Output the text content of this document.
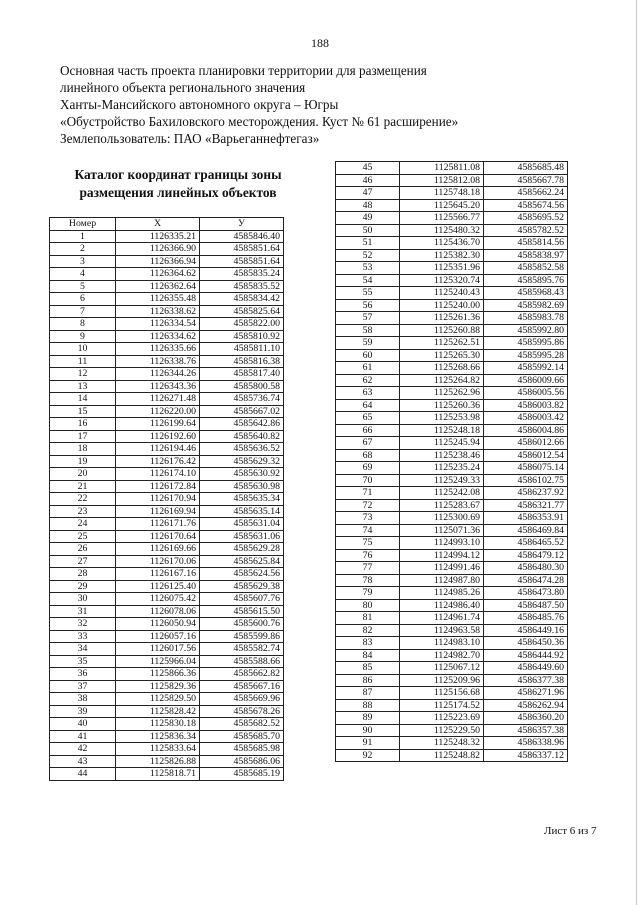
188
Основная часть проекта планировки территории для размещения
линейного объекта регионального значения
Ханты-Мансийского автономного округа – Югры
«Обустройство Бахиловского месторождения. Куст № 61 расширение»
Землепользователь: ПАО «Варьеганнефтегаз»
Каталог координат границы зоны
размещения линейных объектов
Номер	X	У
1	1126335.21	4585846.40
2	1126366.90	4585851.64
3	1126366.94	4585851.64
4	1126364.62	4585835.24
5	1126362.64	4585835.52
6	1126355.48	4585834.42
7	1126338.62	4585825.64
8	1126334.54	4585822.00
9	1126334.62	4585810.92
10	1126335.66	4585811.10
11	1126338.76	4585816.38
12	1126344.26	4585817.40
13	1126343.36	4585800.58
14	1126271.48	4585736.74
15	1126220.00	4585667.02
16	1126199.64	4585642.86
17	1126192.60	4585640.82
18	1126194.46	4585636.52
19	1126176.42	4585629.32
20	1126174.10	4585630.92
21	1126172.84	4585630.98
22	1126170.94	4585635.34
23	1126169.94	4585635.14
24	1126171.76	4585631.04
25	1126170.64	4585631.06
26	1126169.66	4585629.28
27	1126170.06	4585625.84
28	1126167.16	4585624.56
29	1126125.40	4585629.38
30	1126075.42	4585607.76
31	1126078.06	4585615.50
32	1126050.94	4585600.76
33	1126057.16	4585599.86
34	1126017.56	4585582.74
35	1125966.04	4585588.66
36	1125866.36	4585662.82
37	1125829.36	4585667.16
38	1125829.50	4585669.96
39	1125828.42	4585678.26
40	1125830.18	4585682.52
41	1125836.34	4585685.70
42	1125833.64	4585685.98
43	1125826.88	4585686.06
44	1125818.71	4585685.19
45	1125811.08	4585685.48
46	1125812.08	4585667.78
47	1125748.18	4585662.24
48	1125645.20	4585674.56
49	1125566.77	4585695.52
50	1125480.32	4585782.52
51	1125436.70	4585814.56
52	1125382.30	4585838.97
53	1125351.96	4585852.58
54	1125320.74	4585895.76
55	1125240.43	4585968.43
56	1125240.00	4585982.69
57	1125261.36	4585983.78
58	1125260.88	4585992.80
59	1125262.51	4585995.86
60	1125265.30	4585995.28
61	1125268.66	4585992.14
62	1125264.82	4586009.66
63	1125262.96	4586005.56
64	1125260.36	4586003.82
65	1125253.98	4586003.42
66	1125248.18	4586004.86
67	1125245.94	4586012.66
68	1125238.46	4586012.54
69	1125235.24	4586075.14
70	1125249.33	4586102.75
71	1125242.08	4586237.92
72	1125283.67	4586321.77
73	1125300.69	4586353.91
74	1125071.36	4586469.84
75	1124993.10	4586465.52
76	1124994.12	4586479.12
77	1124991.46	4586480.30
78	1124987.80	4586474.28
79	1124985.26	4586473.80
80	1124986.40	4586487.50
81	1124961.74	4586485.76
82	1124963.58	4586449.16
83	1124983.10	4586450.36
84	1124982.70	4586444.92
85	1125067.12	4586449.60
86	1125209.96	4586377.38
87	1125156.68	4586271.96
88	1125174.52	4586262.94
89	1125223.69	4586360.20
90	1125229.50	4586357.38
91	1125248.32	4586338.96
92	1125248.82	4586337.12
Лист 6 из 7
